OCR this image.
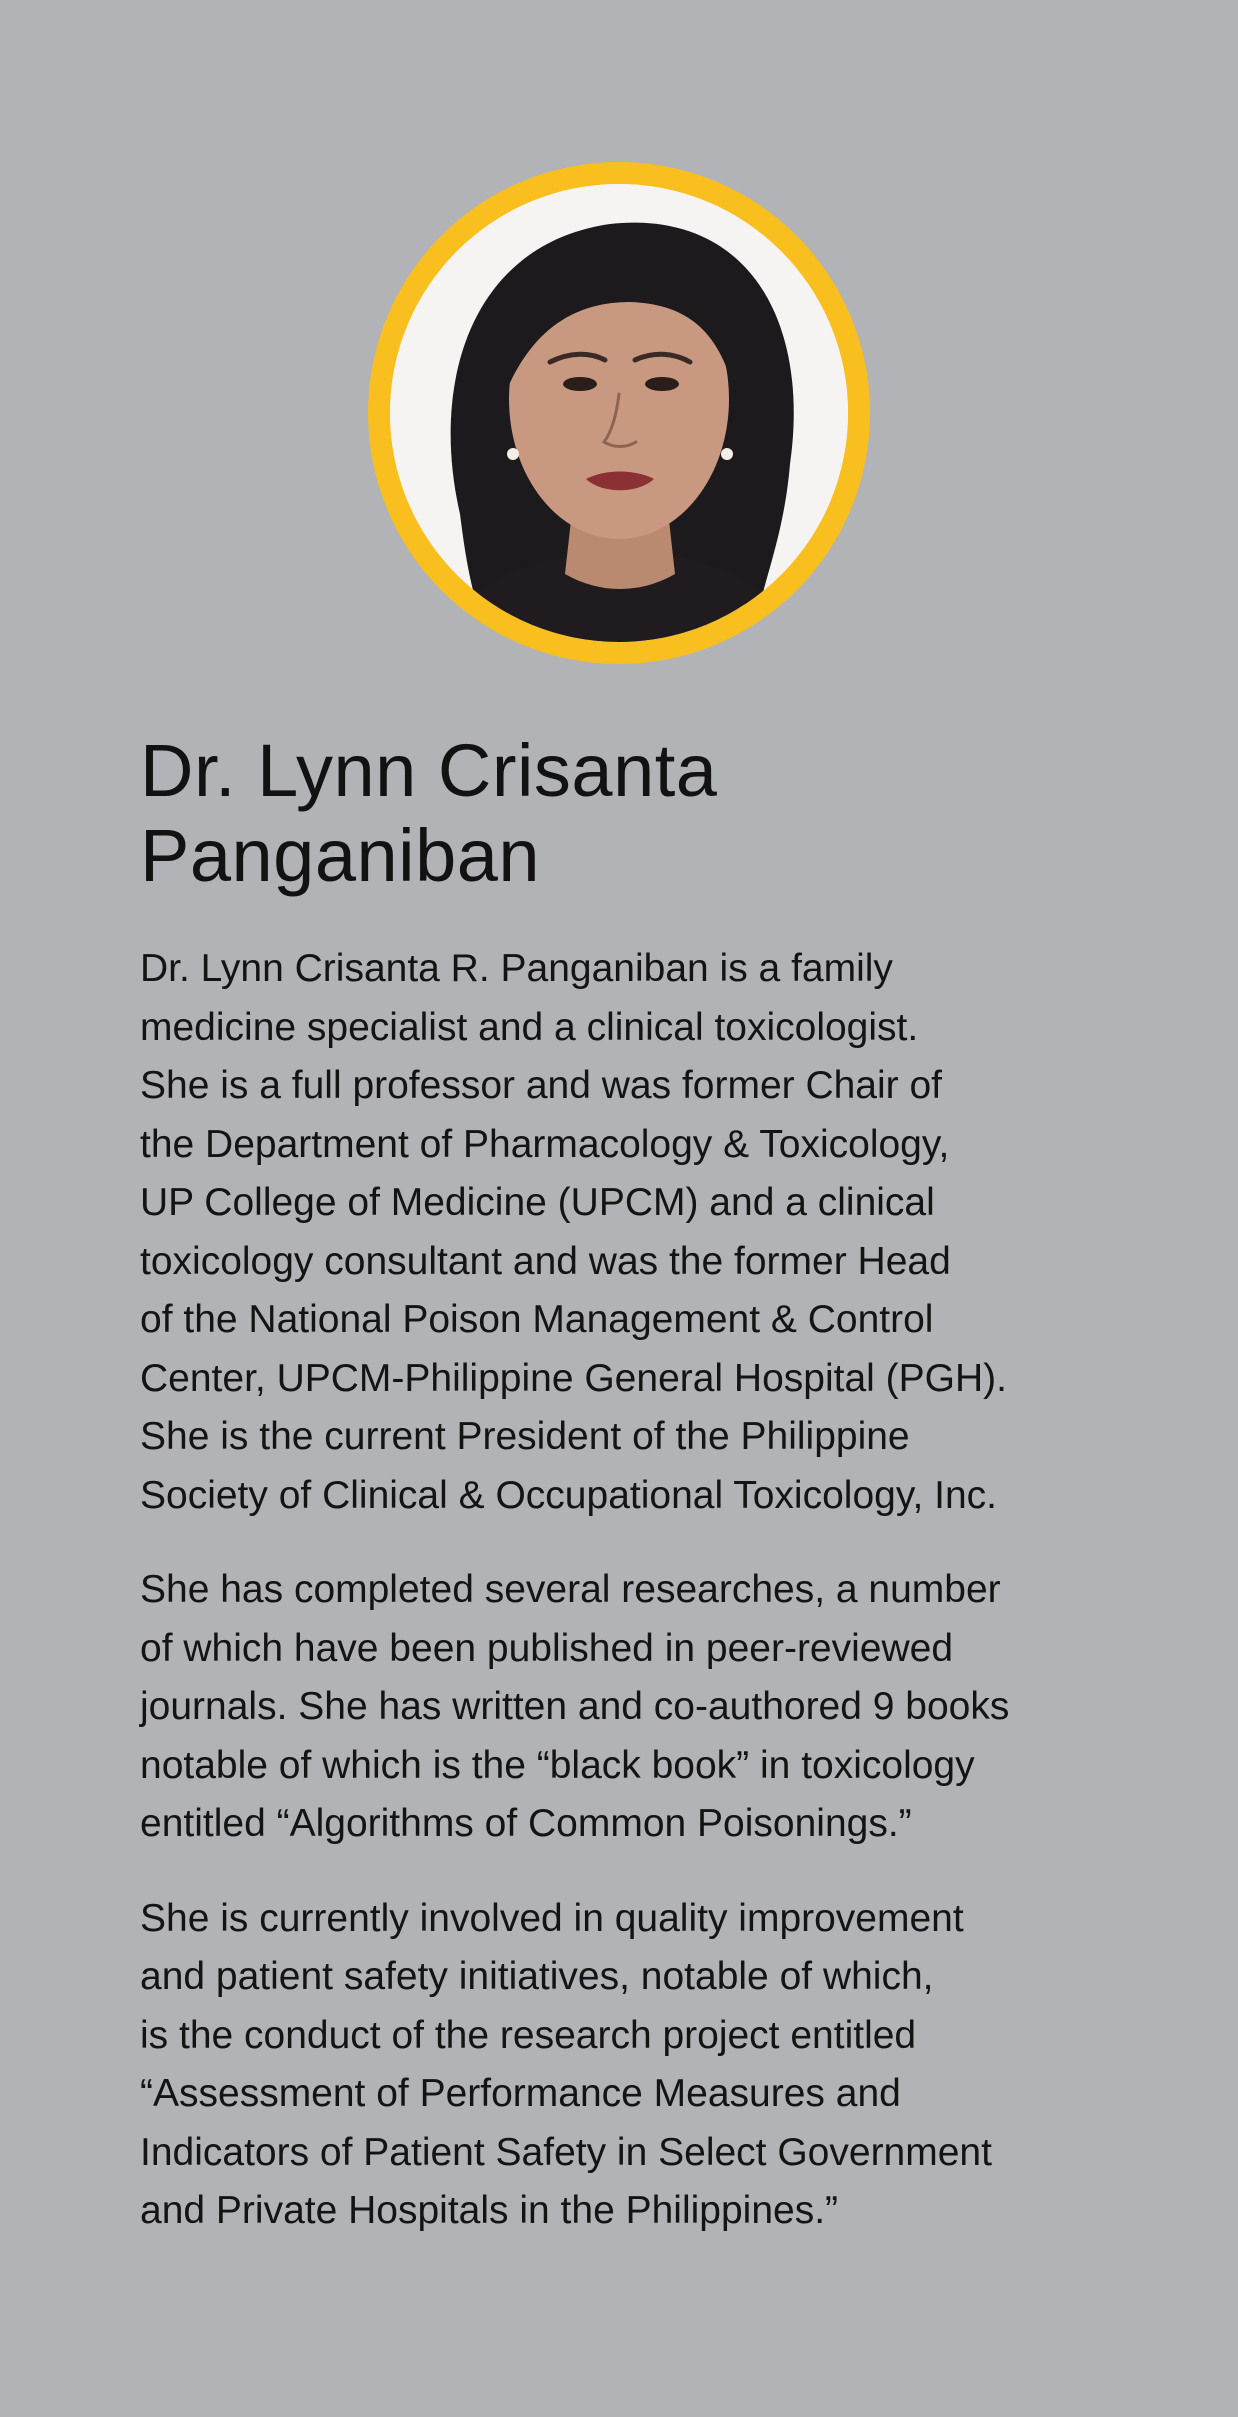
Dr. Lynn Crisanta
Panganiban

Dr. Lynn Crisanta R. Panganiban is a family
medicine specialist and a clinical toxicologist.
She is a full professor and was former Chair of
the Department of Pharmacology & Toxicology,
UP College of Medicine (UPCM) and a clinical
toxicology consultant and was the former Head
of the National Poison Management & Control
Center, UPCM-Philippine General Hospital (PGH).
She is the current President of the Philippine
Society of Clinical & Occupational Toxicology, Inc.

She has completed several researches, a number
of which have been published in peer-reviewed
journals. She has written and co-authored 9 books
notable of which is the “black book” in toxicology
entitled “Algorithms of Common Poisonings.”

She is currently involved in quality improvement
and patient safety initiatives, notable of which,
is the conduct of the research project entitled
“Assessment of Performance Measures and
Indicators of Patient Safety in Select Government
and Private Hospitals in the Philippines.”
